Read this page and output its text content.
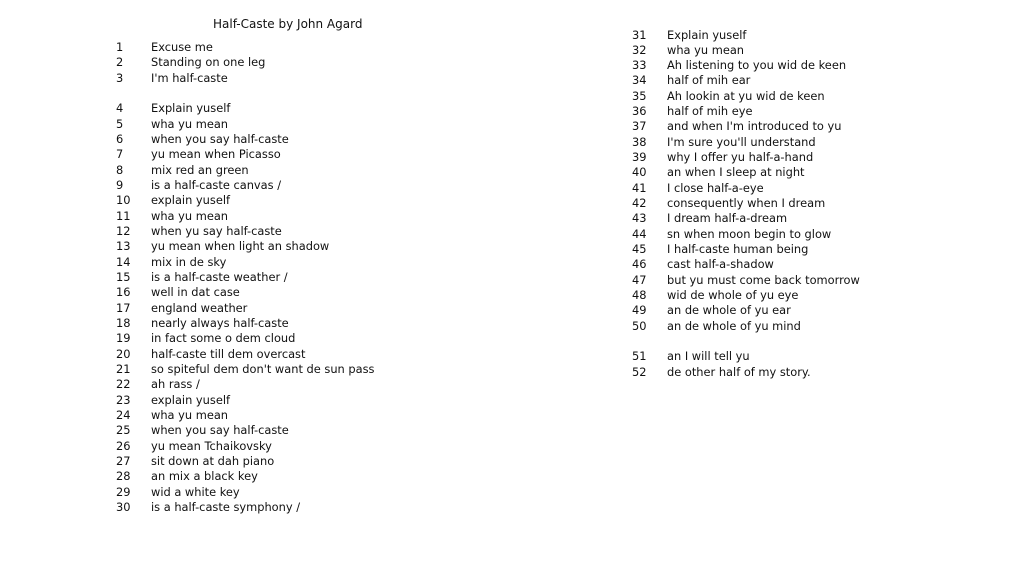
Half-Caste by John Agard
1 Excuse me
2 Standing on one leg
3 I'm half-caste
4 Explain yuself
5 wha yu mean
6 when you say half-caste
7 yu mean when Picasso
8 mix red an green
9 is a half-caste canvas /
10 explain yuself
11 wha yu mean
12 when yu say half-caste
13 yu mean when light an shadow
14 mix in de sky
15 is a half-caste weather /
16 well in dat case
17 england weather
18 nearly always half-caste
19 in fact some o dem cloud
20 half-caste till dem overcast
21 so spiteful dem don't want de sun pass
22 ah rass /
23 explain yuself
24 wha yu mean
25 when you say half-caste
26 yu mean Tchaikovsky
27 sit down at dah piano
28 an mix a black key
29 wid a white key
30 is a half-caste symphony /
31 Explain yuself
32 wha yu mean
33 Ah listening to you wid de keen
34 half of mih ear
35 Ah lookin at yu wid de keen
36 half of mih eye
37 and when I'm introduced to yu
38 I'm sure you'll understand
39 why I offer yu half-a-hand
40 an when I sleep at night
41 I close half-a-eye
42 consequently when I dream
43 I dream half-a-dream
44 sn when moon begin to glow
45 I half-caste human being
46 cast half-a-shadow
47 but yu must come back tomorrow
48 wid de whole of yu eye
49 an de whole of yu ear
50 an de whole of yu mind
51 an I will tell yu
52 de other half of my story.
